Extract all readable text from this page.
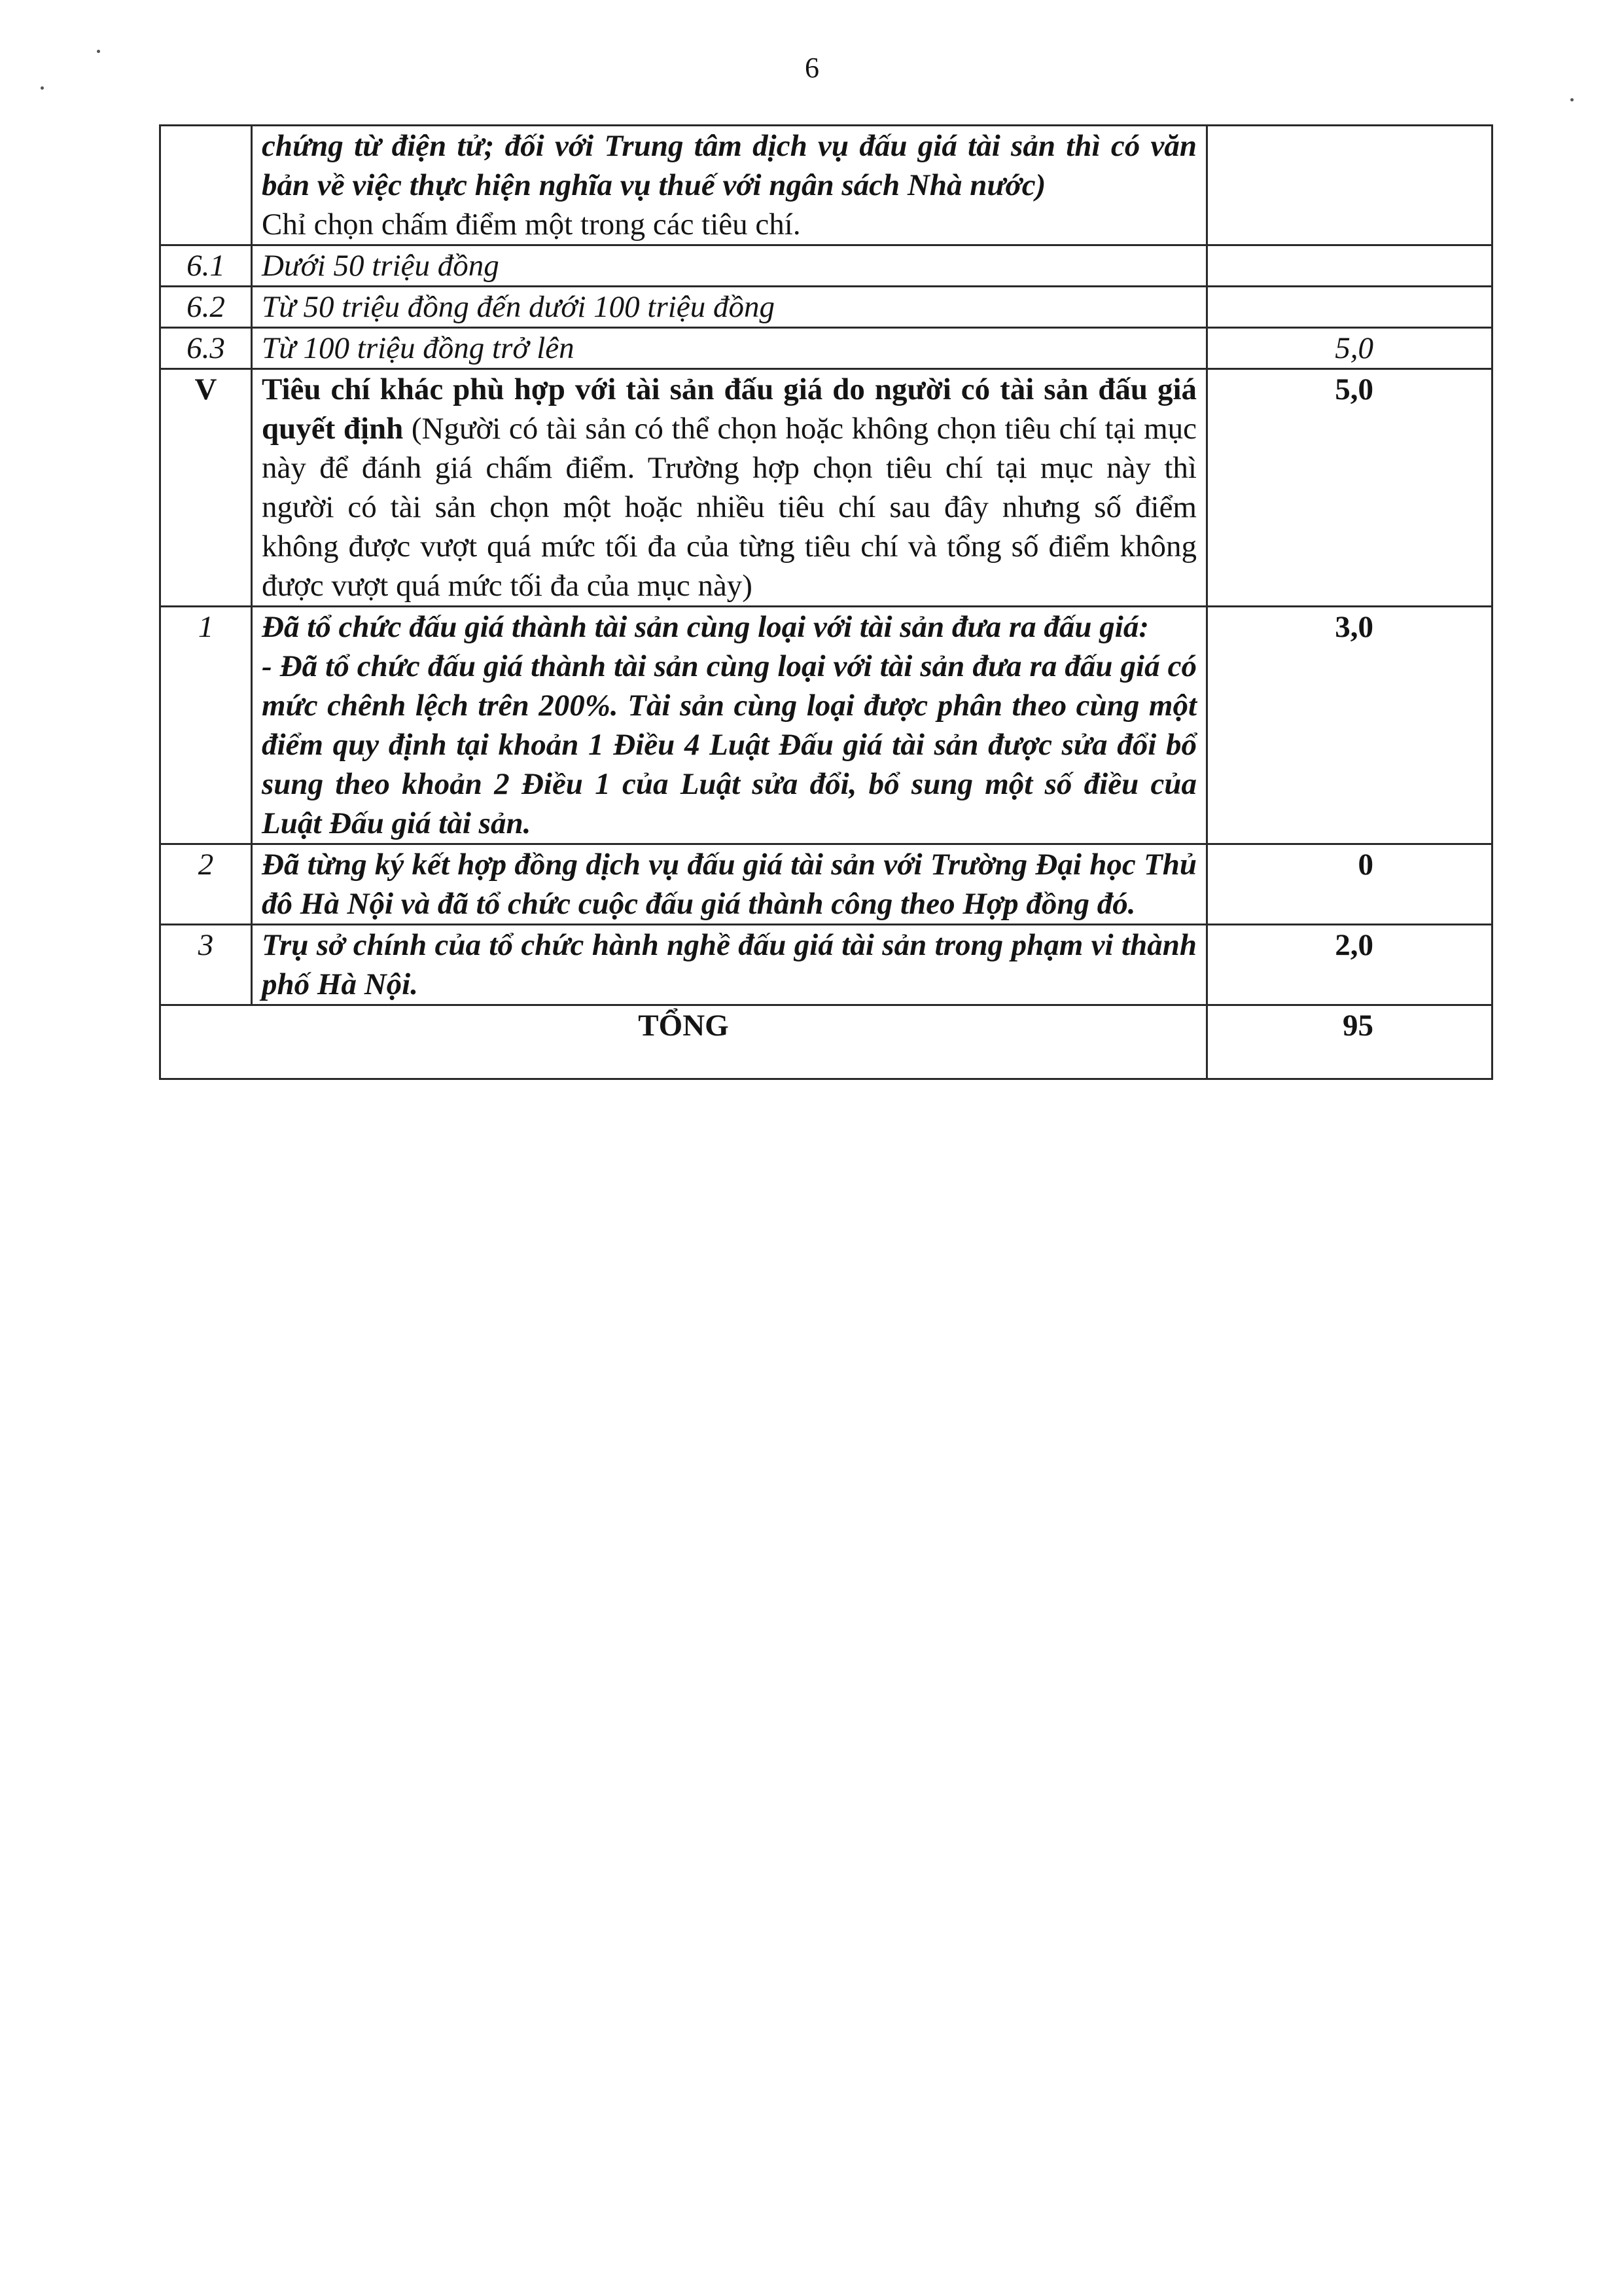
6
	chứng từ điện tử; đối với Trung tâm dịch vụ đấu giá tài sản thì có văn bản về việc thực hiện nghĩa vụ thuế với ngân sách Nhà nước)
Chỉ chọn chấm điểm một trong các tiêu chí.	
6.1	Dưới 50 triệu đồng	
6.2	Từ 50 triệu đồng đến dưới 100 triệu đồng	
6.3	Từ 100 triệu đồng trở lên	5,0
V	Tiêu chí khác phù hợp với tài sản đấu giá do người có tài sản đấu giá quyết định (Người có tài sản có thể chọn hoặc không chọn tiêu chí tại mục này để đánh giá chấm điểm. Trường hợp chọn tiêu chí tại mục này thì người có tài sản chọn một hoặc nhiều tiêu chí sau đây nhưng số điểm không được vượt quá mức tối đa của từng tiêu chí và tổng số điểm không được vượt quá mức tối đa của mục này)	5,0
1	Đã tổ chức đấu giá thành tài sản cùng loại với tài sản đưa ra đấu giá:
- Đã tổ chức đấu giá thành tài sản cùng loại với tài sản đưa ra đấu giá có mức chênh lệch trên 200%. Tài sản cùng loại được phân theo cùng một điểm quy định tại khoản 1 Điều 4 Luật Đấu giá tài sản được sửa đổi bổ sung theo khoản 2 Điều 1 của Luật sửa đổi, bổ sung một số điều của Luật Đấu giá tài sản.	3,0
2	Đã từng ký kết hợp đồng dịch vụ đấu giá tài sản với Trường Đại học Thủ đô Hà Nội và đã tổ chức cuộc đấu giá thành công theo Hợp đồng đó.	0
3	Trụ sở chính của tổ chức hành nghề đấu giá tài sản trong phạm vi thành phố Hà Nội.	2,0
TỔNG		95
